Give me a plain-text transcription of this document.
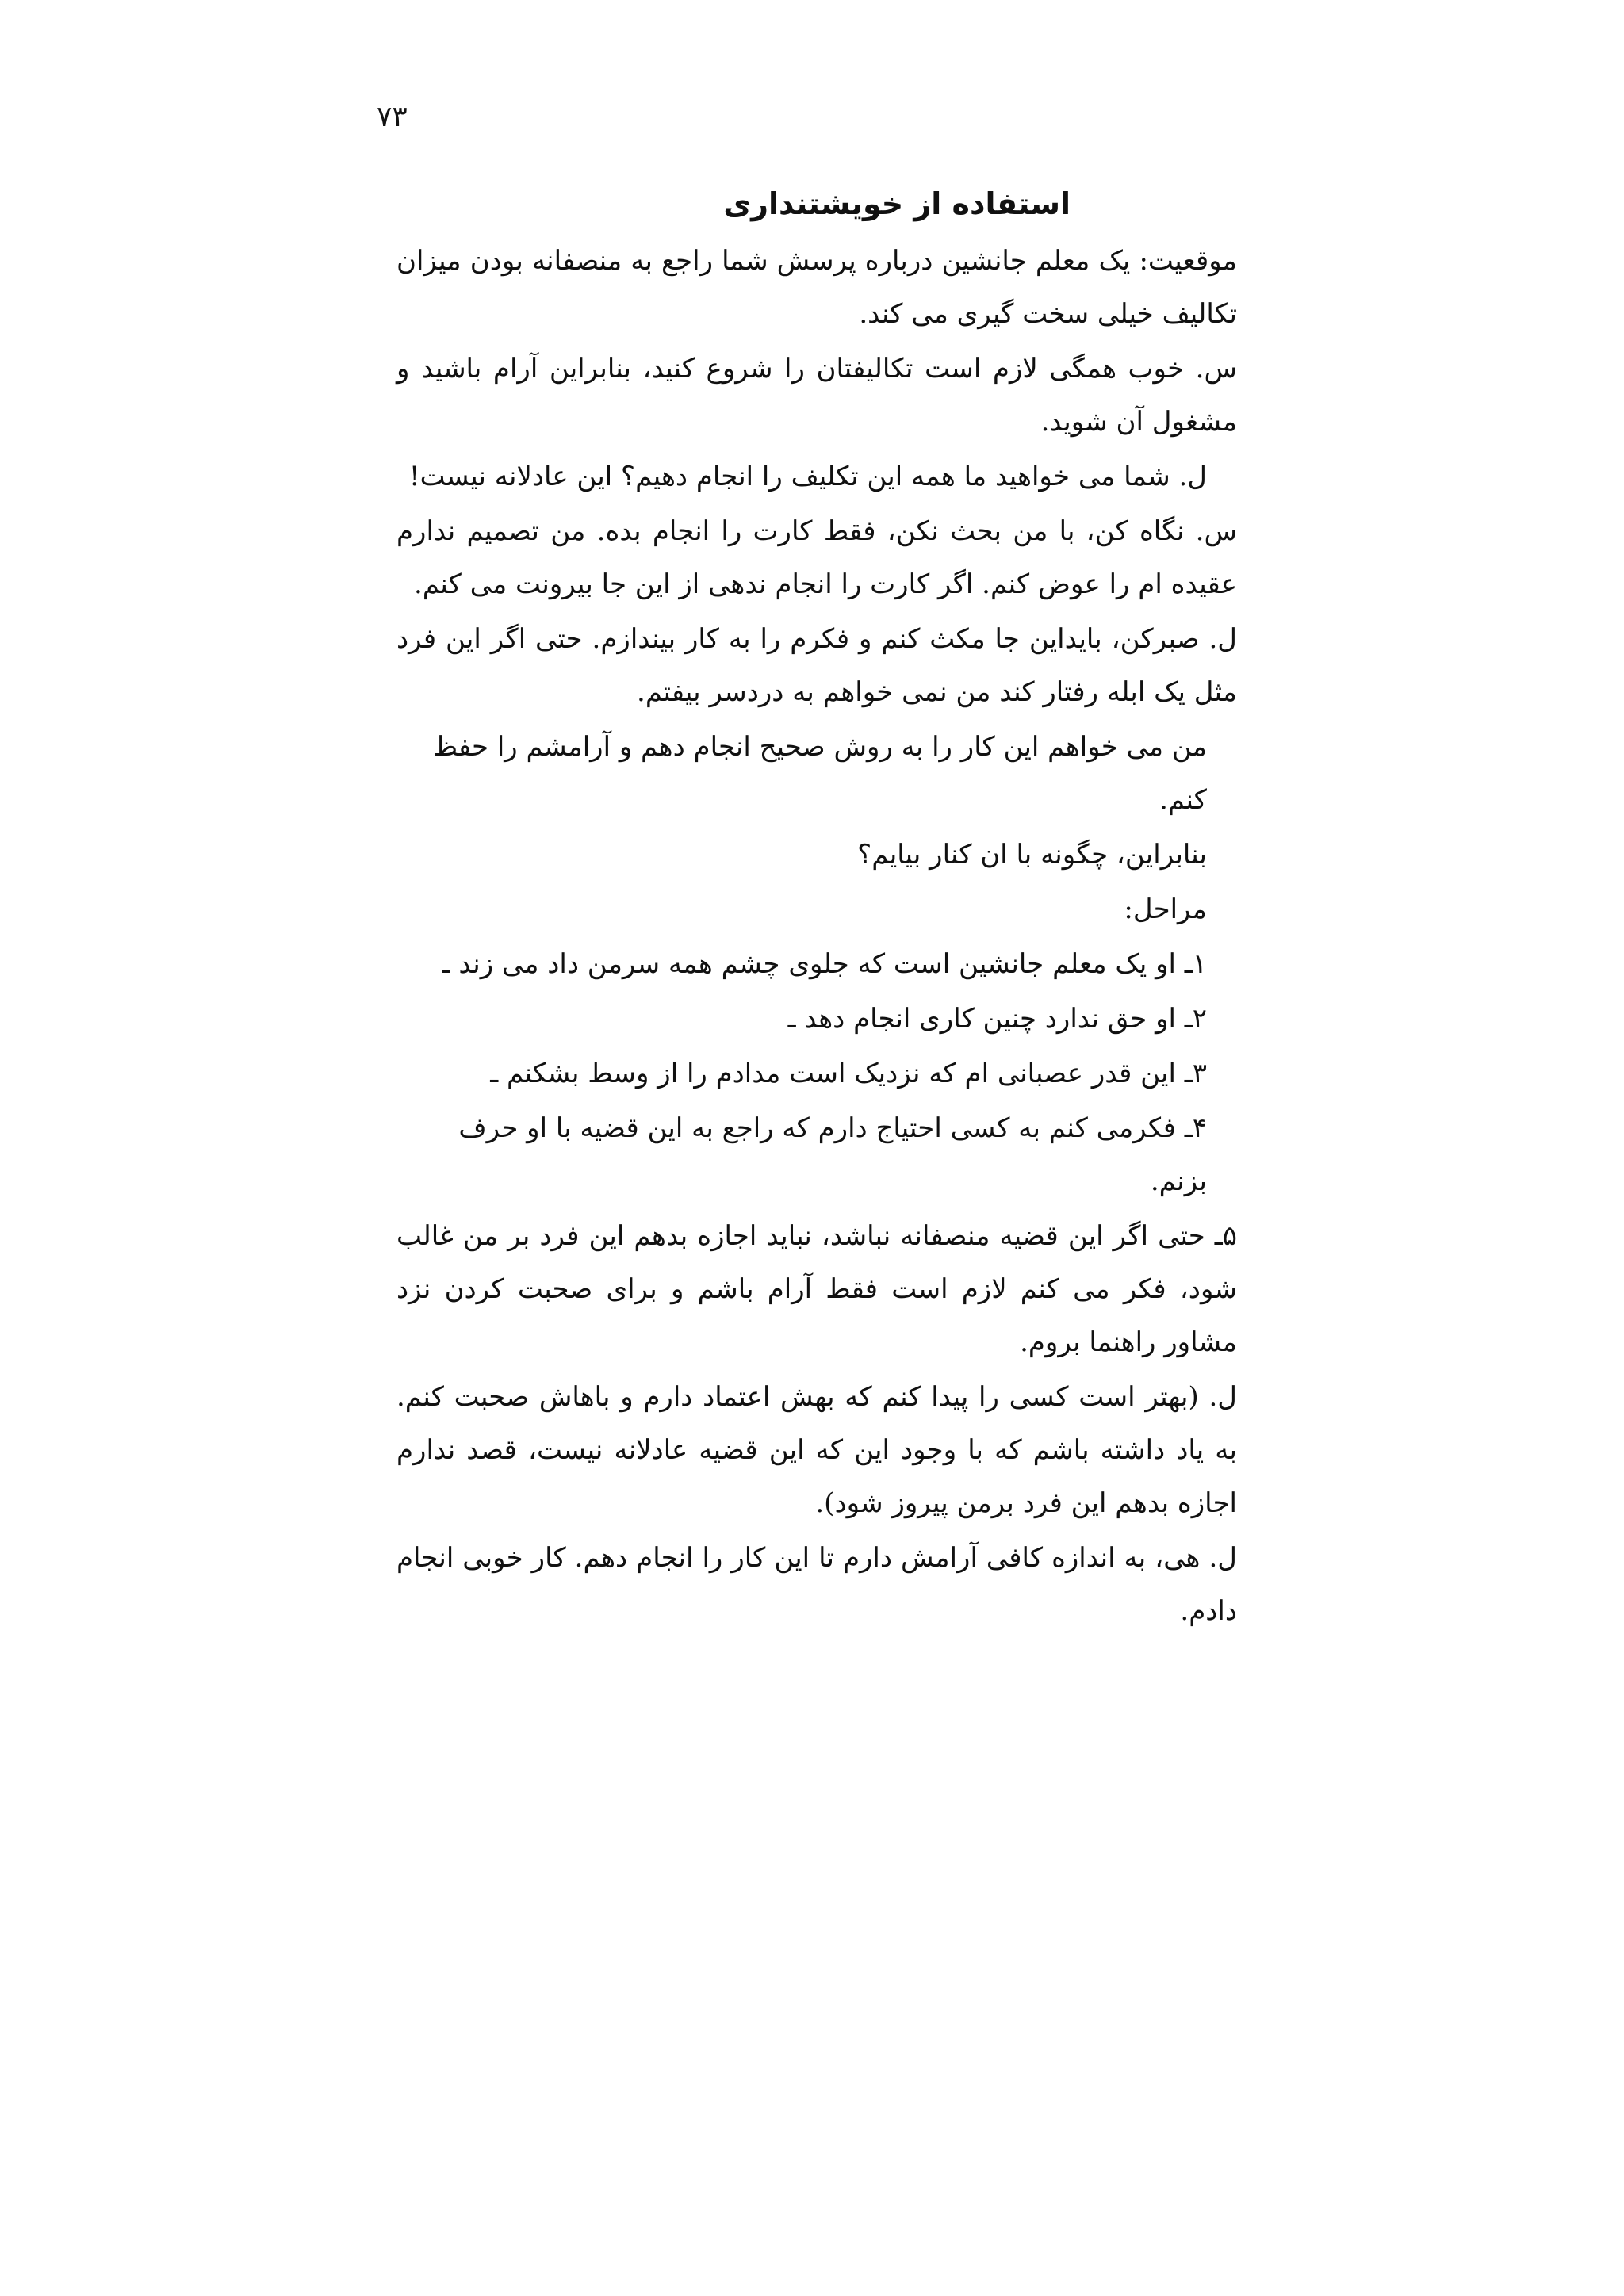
۷۳
استفاده از خویشتنداری

موقعیت: یک معلم جانشین درباره پرسش شما راجع به منصفانه بودن میزان تکالیف خیلی سخت گیری می کند.

س. خوب همگی لازم است تکالیفتان را شروع کنید، بنابراین آرام باشید و مشغول آن شوید.

ل. شما می خواهید ما همه این تکلیف را انجام دهیم؟ این عادلانه نیست!

س. نگاه کن، با من بحث نکن، فقط کارت را انجام بده. من تصمیم ندارم عقیده ام را عوض کنم. اگر کارت را انجام ندهی از این جا بیرونت می کنم.

ل. صبرکن، بایداین جا مکث کنم و فکرم را به کار بیندازم. حتی اگر این فرد مثل یک ابله رفتار کند من نمی خواهم به دردسر بیفتم.

من می خواهم این کار را به روش صحیح انجام دهم و آرامشم را حفظ کنم.

بنابراین، چگونه با ان کنار بیایم؟

مراحل:

۱ـ او یک معلم جانشین است که جلوی چشم همه سرمن داد می زند ـ

۲ـ او حق ندارد چنین کاری انجام دهد ـ

۳ـ این قدر عصبانی ام که نزدیک است مدادم را از وسط بشکنم ـ

۴ـ فکرمی کنم به کسی احتیاج دارم که راجع به این قضیه با او حرف بزنم.

۵ـ حتی اگر این قضیه منصفانه نباشد، نباید اجازه بدهم این فرد بر من غالب شود، فکر می کنم لازم است فقط آرام باشم و برای صحبت کردن نزد مشاور راهنما بروم.

ل. (بهتر است کسی را پیدا کنم که بهش اعتماد دارم و باهاش صحبت کنم. به یاد داشته باشم که با وجود این که این قضیه عادلانه نیست، قصد ندارم اجازه بدهم این فرد برمن پیروز شود).

ل. هی، به اندازه کافی آرامش دارم تا این کار را انجام دهم. کار خوبی انجام دادم.
